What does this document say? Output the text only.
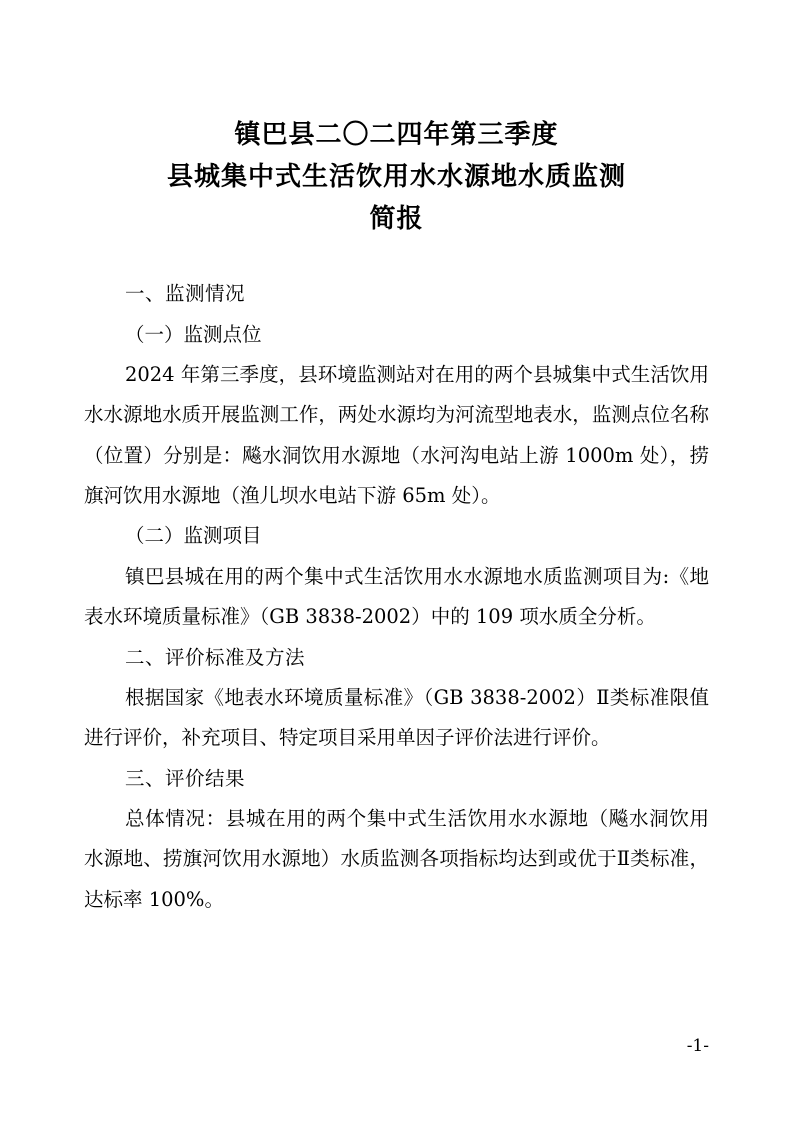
镇巴县二〇二四年第三季度
县城集中式生活饮用水水源地水质监测
简报

一、监测情况

（一）监测点位

2024 年第三季度，县环境监测站对在用的两个县城集中式生活饮用水水源地水质开展监测工作，两处水源均为河流型地表水，监测点位名称（位置）分别是：飚水洞饮用水源地（水河沟电站上游 1000m 处），捞旗河饮用水源地（渔儿坝水电站下游 65m 处）。

（二）监测项目

镇巴县城在用的两个集中式生活饮用水水源地水质监测项目为:《地表水环境质量标准》（GB 3838-2002）中的 109 项水质全分析。

二、评价标准及方法

根据国家《地表水环境质量标准》（GB 3838-2002）Ⅱ类标准限值进行评价，补充项目、特定项目采用单因子评价法进行评价。

三、评价结果

总体情况：县城在用的两个集中式生活饮用水水源地（飚水洞饮用水源地、捞旗河饮用水源地）水质监测各项指标均达到或优于Ⅱ类标准，达标率 100%。

-1-
